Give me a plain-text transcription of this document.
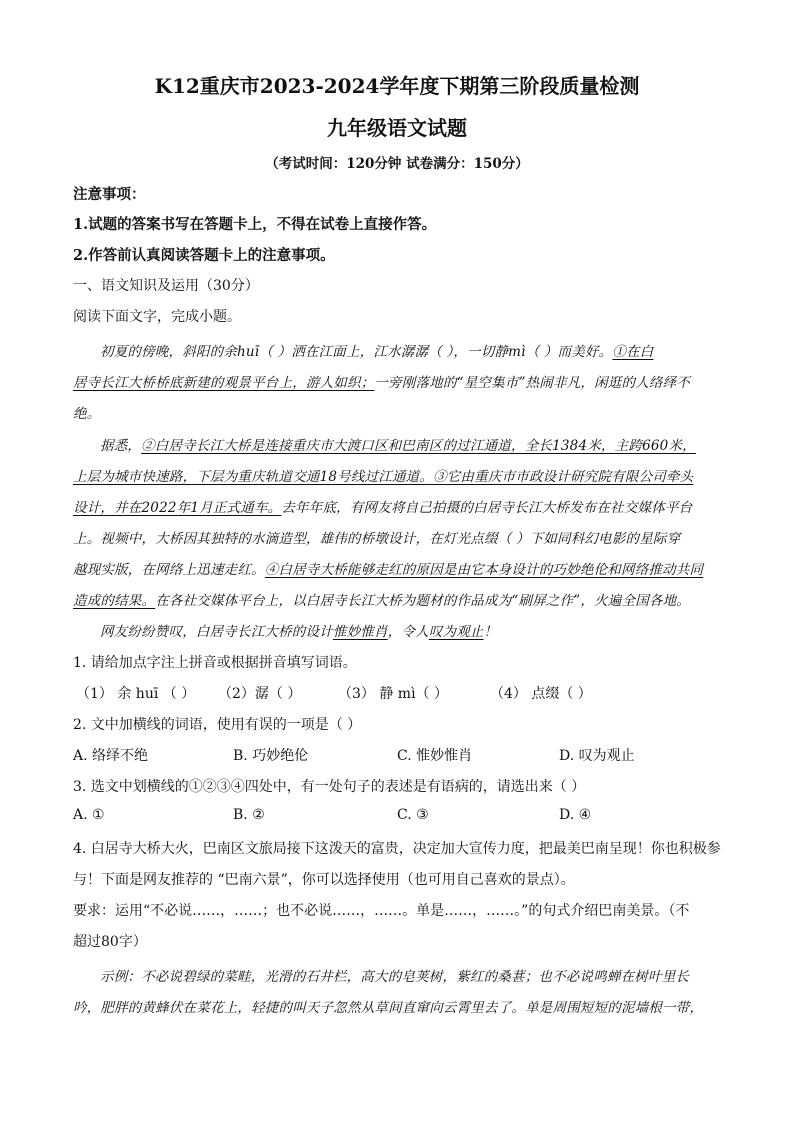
K12重庆市2023-2024学年度下期第三阶段质量检测
九年级语文试题
（考试时间：120分钟 试卷满分：150分）
注意事项：
1.试题的答案书写在答题卡上，不得在试卷上直接作答。
2.作答前认真阅读答题卡上的注意事项。
一、语文知识及运用（30分）
阅读下面文字，完成小题。
初夏的傍晚，斜阳的余huī（ ）洒在江面上，江水潺潺（ ），一切静mì（ ）而美好。①在白
居寺长江大桥桥底新建的观景平台上，游人如织；一旁刚落地的“星空集市”热闹非凡，闲逛的人络绎不
绝。
据悉，②白居寺长江大桥是连接重庆市大渡口区和巴南区的过江通道，全长1384米，主跨660米，
上层为城市快速路，下层为重庆轨道交通18号线过江通道。③它由重庆市市政设计研究院有限公司牵头
设计，并在2022年1月正式通车。去年年底，有网友将自己拍摄的白居寺长江大桥发布在社交媒体平台
上。视频中，大桥因其独特的水滴造型，雄伟的桥墩设计，在灯光点缀（ ）下如同科幻电影的星际穿
越现实版，在网络上迅速走红。④白居寺大桥能够走红的原因是由它本身设计的巧妙绝伦和网络推动共同
造成的结果。在各社交媒体平台上，以白居寺长江大桥为题材的作品成为“刷屏之作”，火遍全国各地。
网友纷纷赞叹，白居寺长江大桥的设计惟妙惟肖，令人叹为观止！
1. 请给加点字注上拼音或根据拼音填写词语。
（1） 余 huī （ ） （2）潺（ ）	（3） 静 mì（ ）	（4） 点缀（ ）
2. 文中加横线的词语，使用有误的一项是（ ）
A. 络绎不绝	B. 巧妙绝伦	C. 惟妙惟肖	D. 叹为观止
3. 选文中划横线的①②③④四处中，有一处句子的表述是有语病的，请选出来（ ）
A. ①	B. ②	C. ③	D. ④
4. 白居寺大桥大火，巴南区文旅局接下这泼天的富贵，决定加大宣传力度，把最美巴南呈现！你也积极参
与！下面是网友推荐的 “巴南六景”，你可以选择使用（也可用自己喜欢的景点）。
要求：运用“不必说……，……；也不必说……，……。单是……，……。”的句式介绍巴南美景。（不
超过80字）
示例：不必说碧绿的菜畦，光滑的石井栏，高大的皂荚树，紫红的桑葚；也不必说鸣蝉在树叶里长
吟，肥胖的黄蜂伏在菜花上，轻捷的叫天子忽然从草间直窜向云霄里去了。单是周围短短的泥墙根一带，
